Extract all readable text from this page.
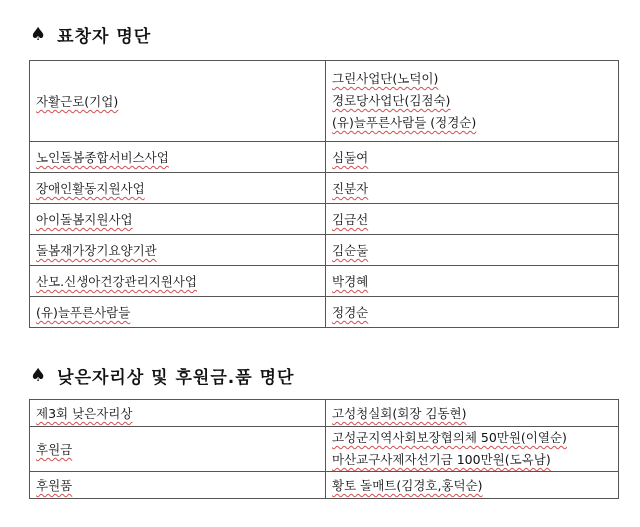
♠ 표창자 명단
자활근로(기업)	그린사업단(노덕이)
경로당사업단(김점숙)
(유)늘푸른사람들 (정경순)

노인돌봄종합서비스사업	심둘여
장애인활동지원사업	진분자
아이돌봄지원사업	김금선
돌봄재가장기요양기관	김순둘
산모.신생아건강관리지원사업	박경혜
(유)늘푸른사람들	정경순
♠ 낮은자리상 및 후원금.품 명단
제3회 낮은자리상	고성청실회(회장 김동현)
후원금	고성군지역사회보장협의체 50만원(이열순)
마산교구사제자선기금 100만원(도옥남)

후원품	황토 돌매트(김경호,홍덕순)
